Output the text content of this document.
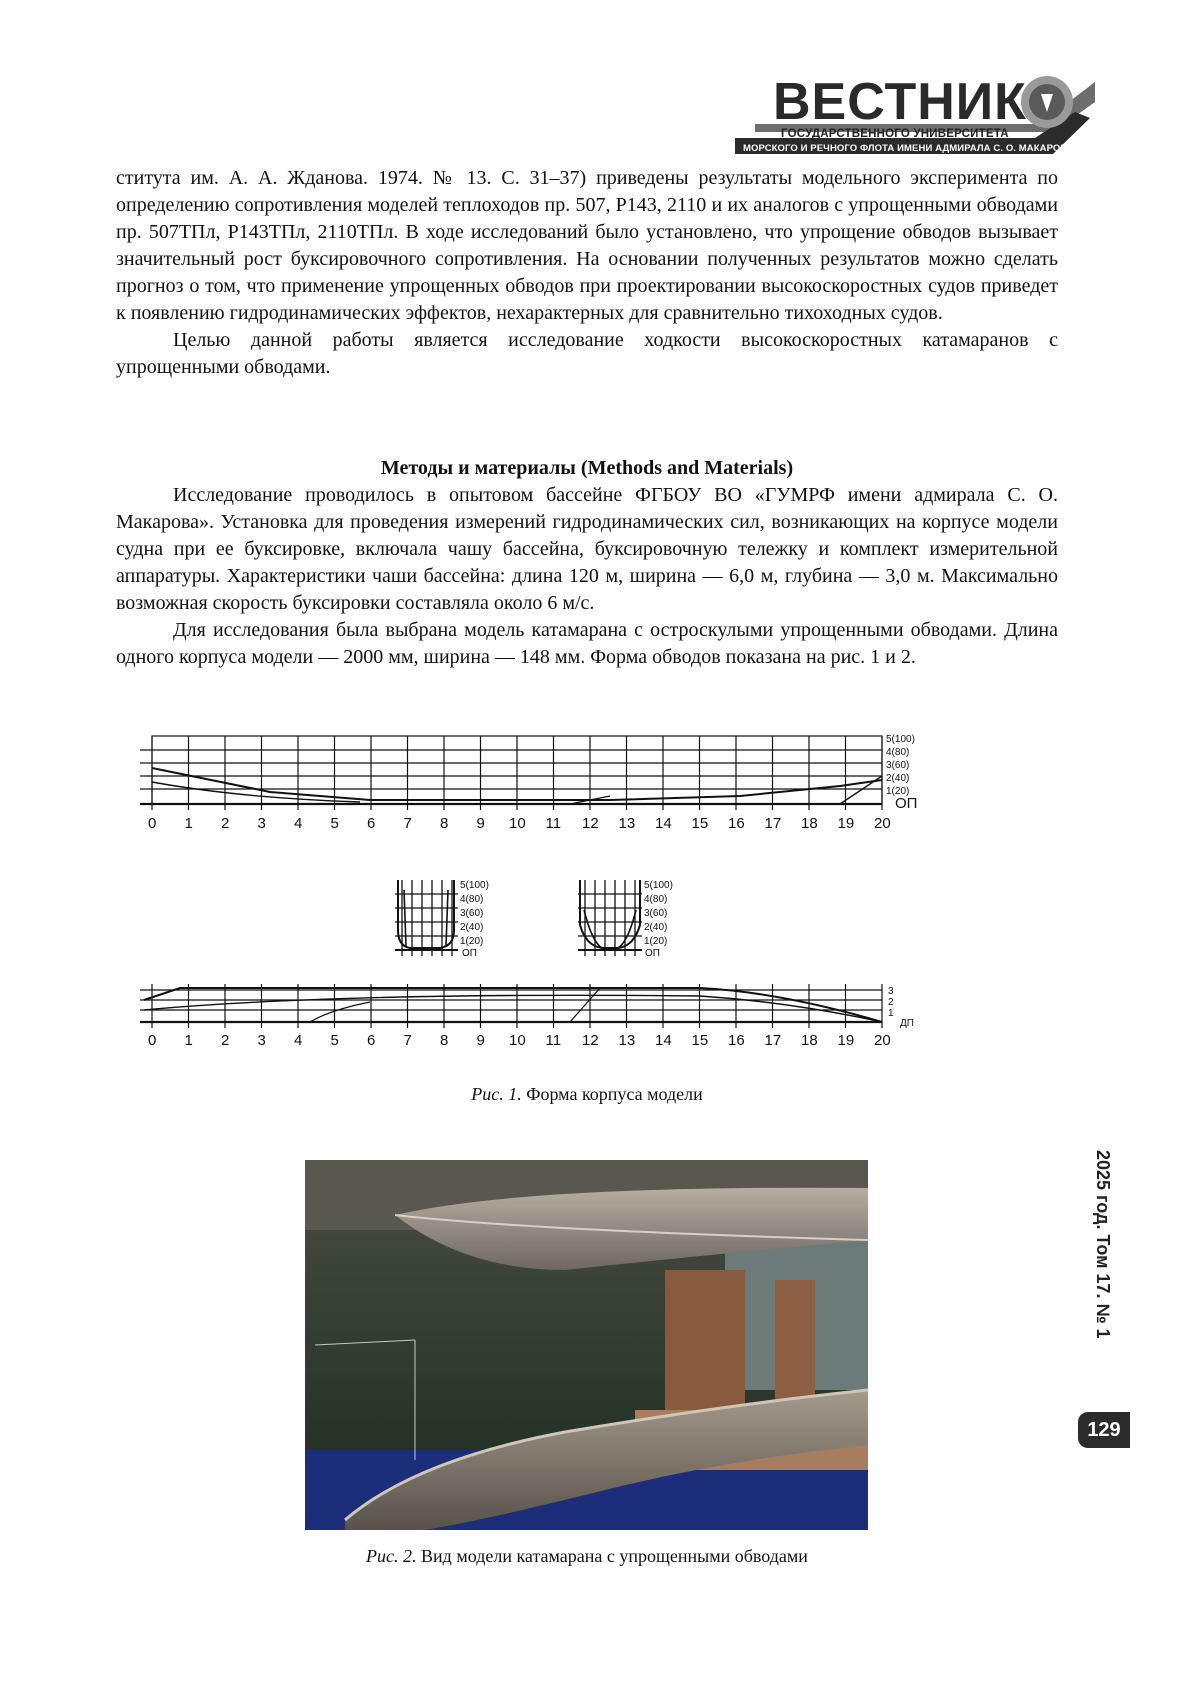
ВЕСТНИК
ГОСУДАРСТВЕННОГО УНИВЕРСИТЕТА
МОРСКОГО И РЕЧНОГО ФЛОТА ИМЕНИ АДМИРАЛА С. О. МАКАРОВА

ститута им. А. А. Жданова. 1974. № 13. С. 31–37) приведены результаты модельного эксперимента по определению сопротивления моделей теплоходов пр. 507, Р143, 2110 и их аналогов с упрощенными обводами пр. 507ТПл, Р143ТПл, 2110ТПл. В ходе исследований было установлено, что упрощение обводов вызывает значительный рост буксировочного сопротивления. На основании полученных результатов можно сделать прогноз о том, что применение упрощенных обводов при проектировании высокоскоростных судов приведет к появлению гидродинамических эффектов, нехарактерных для сравнительно тихоходных судов.

Целью данной работы является исследование ходкости высокоскоростных катамаранов с упрощенными обводами.

Методы и материалы (Methods and Materials)

Исследование проводилось в опытовом бассейне ФГБОУ ВО «ГУМРФ имени адмирала С. О. Макарова». Установка для проведения измерений гидродинамических сил, возникающих на корпусе модели судна при ее буксировке, включала чашу бассейна, буксировочную тележку и комплект измерительной аппаратуры. Характеристики чаши бассейна: длина 120 м, ширина — 6,0 м, глубина — 3,0 м. Максимально возможная скорость буксировки составляла около 6 м/с.

Для исследования была выбрана модель катамарана с остроскулыми упрощенными обводами. Длина одного корпуса модели — 2000 мм, ширина — 148 мм. Форма обводов показана на рис. 1 и 2.

0 1 2 3 4 5 6 7 8 9 10 11 12 13 14 15 16 17 18 19 20
5(100)
4(80)
3(60)
2(40)
1(20)
ОП
5(100)
4(80)
3(60)
2(40)
1(20)
5(100)
4(80)
3(60)
2(40)
1(20)
ОП	ОП
0 1 2 3 4 5 6 7 8 9 10 11 12 13 14 15 16 17 18 19 20
3
2
1
ДП
Рис. 1. Форма корпуса модели
Рис. 2. Вид модели катамарана с упрощенными обводами
2025 год. Том 17. № 1
129
